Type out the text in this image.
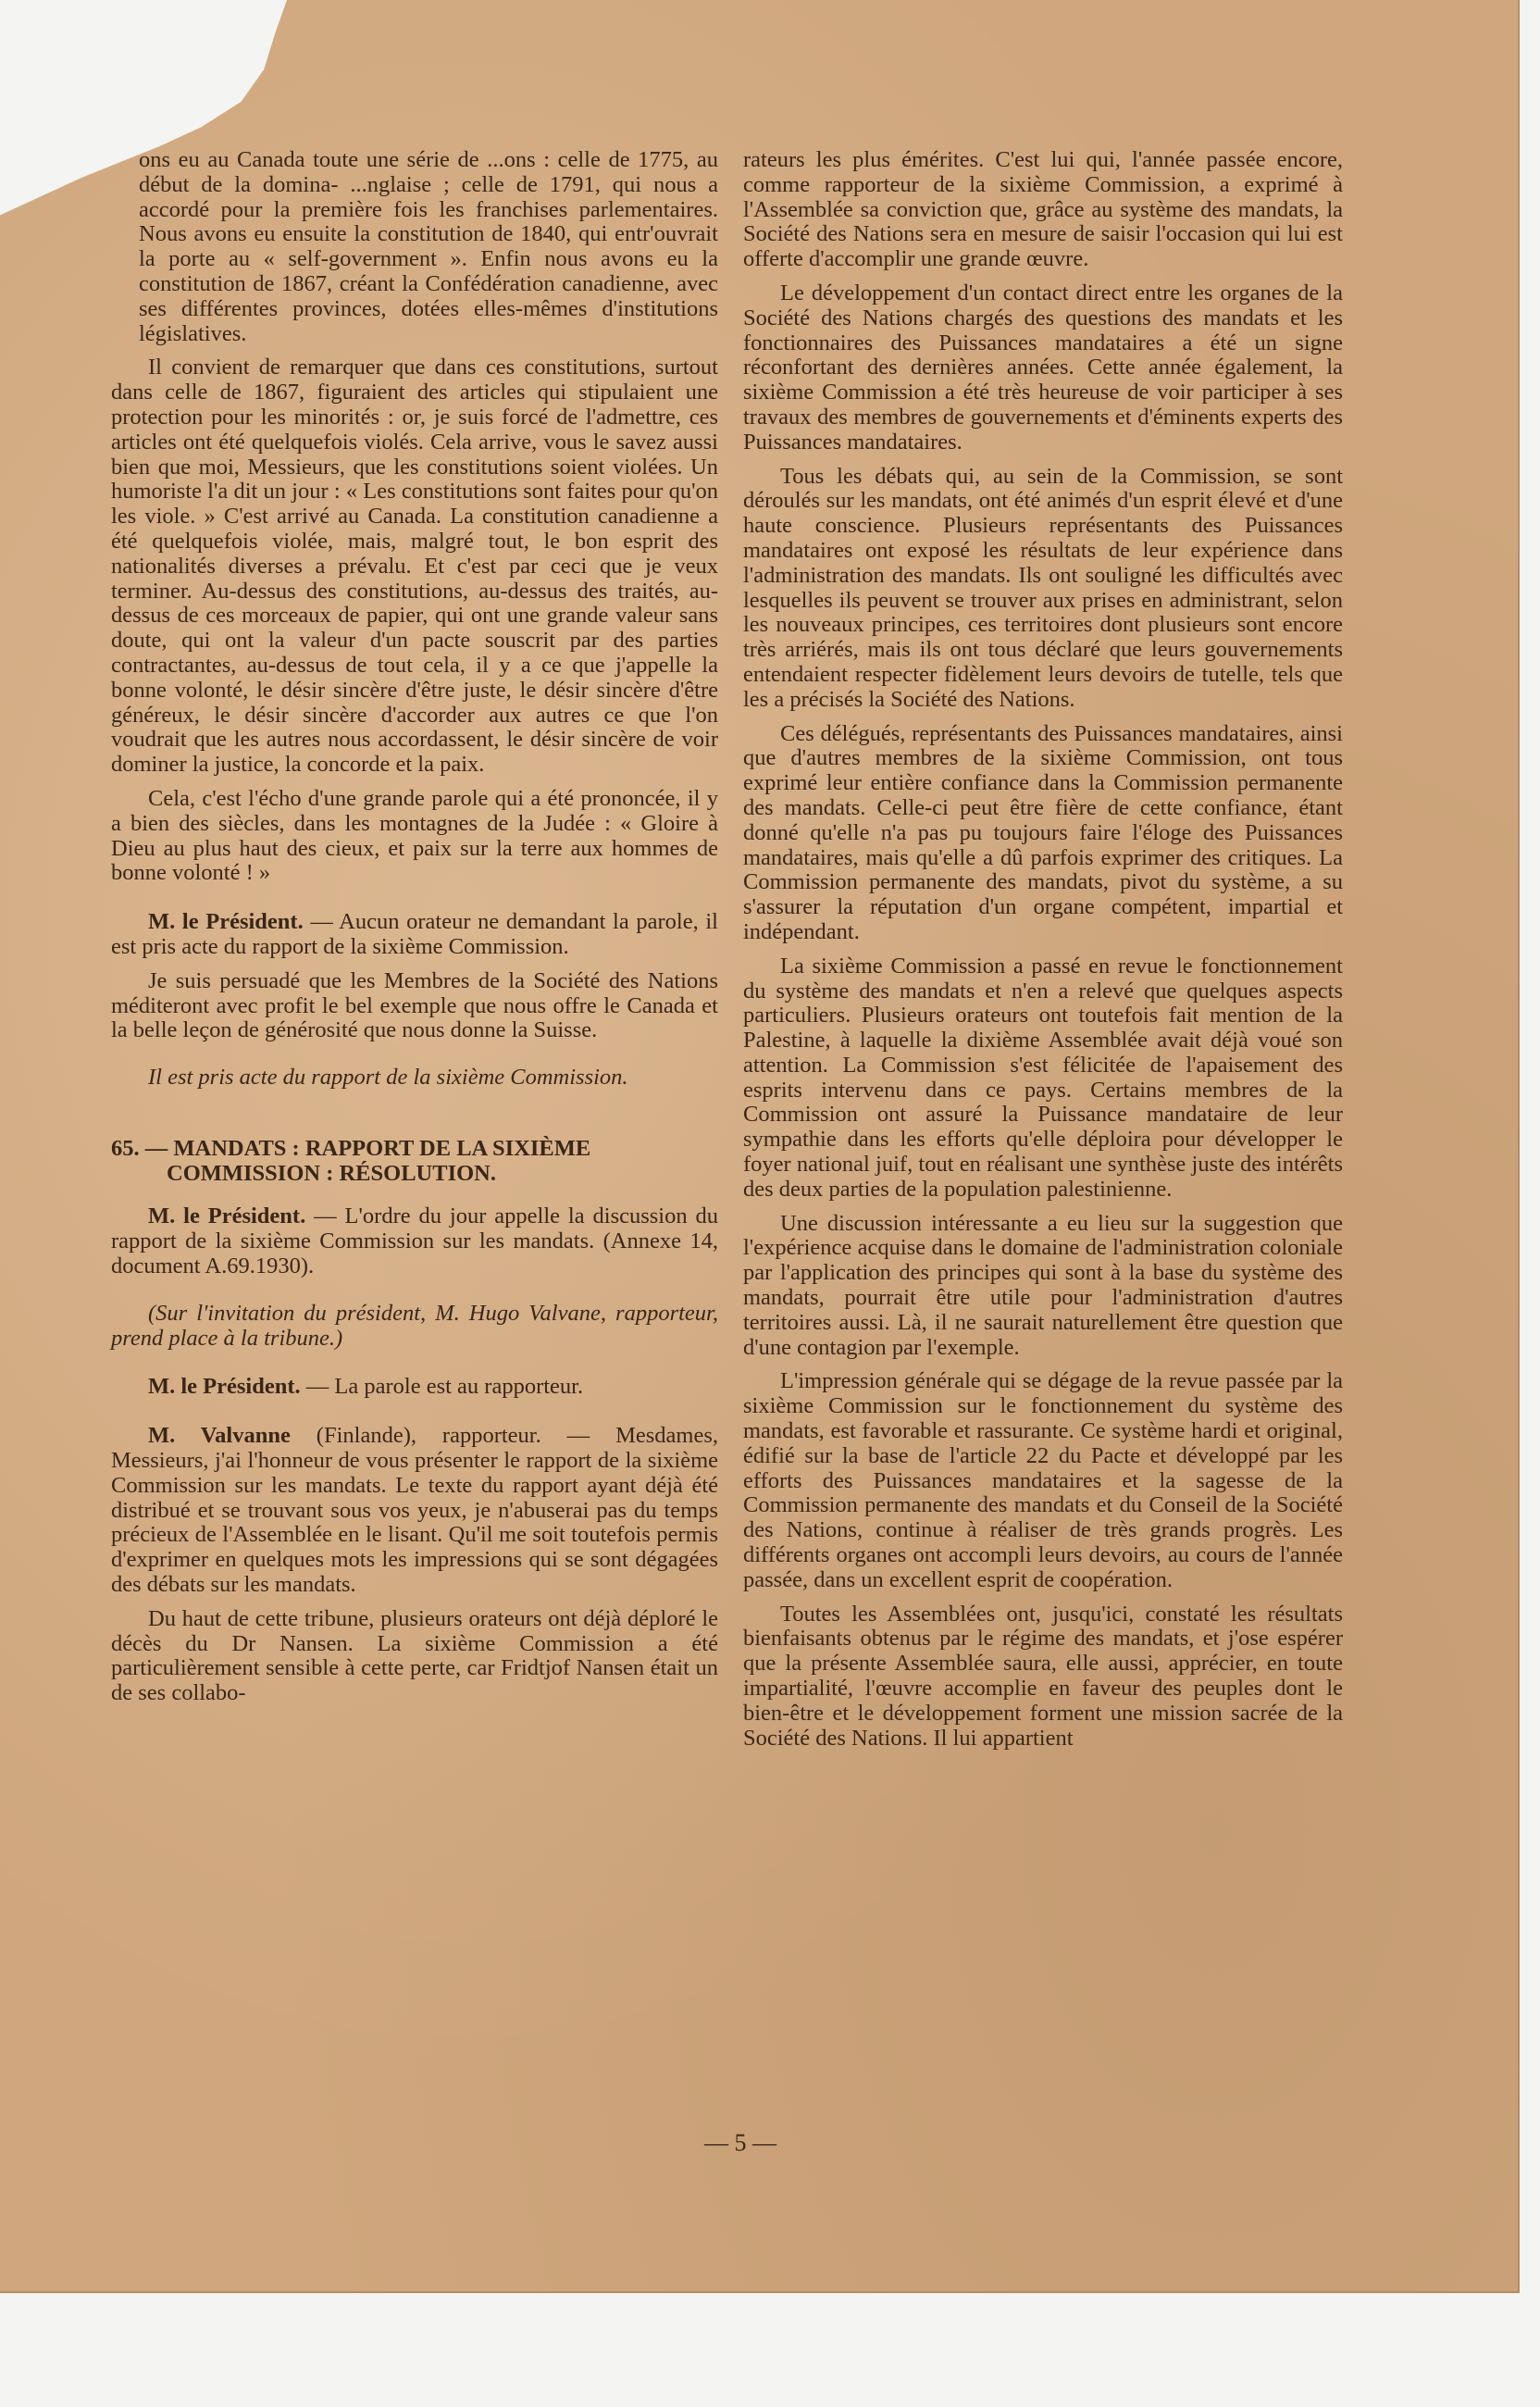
ons eu au Canada toute une série de ...ons : celle de 1775, au début de la domina- ...nglaise ; celle de 1791, qui nous a accordé pour la première fois les franchises parlementaires. Nous avons eu ensuite la constitution de 1840, qui entr'ouvrait la porte au « self-government ». Enfin nous avons eu la constitution de 1867, créant la Confédération canadienne, avec ses différentes provinces, dotées elles-mêmes d'institutions législatives.

Il convient de remarquer que dans ces constitutions, surtout dans celle de 1867, figuraient des articles qui stipulaient une protection pour les minorités : or, je suis forcé de l'admettre, ces articles ont été quelquefois violés. Cela arrive, vous le savez aussi bien que moi, Messieurs, que les constitutions soient violées. Un humoriste l'a dit un jour : « Les constitutions sont faites pour qu'on les viole. » C'est arrivé au Canada. La constitution canadienne a été quelquefois violée, mais, malgré tout, le bon esprit des nationalités diverses a prévalu. Et c'est par ceci que je veux terminer. Au-dessus des constitutions, au-dessus des traités, au-dessus de ces morceaux de papier, qui ont une grande valeur sans doute, qui ont la valeur d'un pacte souscrit par des parties contractantes, au-dessus de tout cela, il y a ce que j'appelle la bonne volonté, le désir sincère d'être juste, le désir sincère d'être généreux, le désir sincère d'accorder aux autres ce que l'on voudrait que les autres nous accordassent, le désir sincère de voir dominer la justice, la concorde et la paix.

Cela, c'est l'écho d'une grande parole qui a été prononcée, il y a bien des siècles, dans les montagnes de la Judée : « Gloire à Dieu au plus haut des cieux, et paix sur la terre aux hommes de bonne volonté ! »

M. le Président. — Aucun orateur ne demandant la parole, il est pris acte du rapport de la sixième Commission.

Je suis persuadé que les Membres de la Société des Nations méditeront avec profit le bel exemple que nous offre le Canada et la belle leçon de générosité que nous donne la Suisse.

Il est pris acte du rapport de la sixième Commission.

65. — MANDATS : RAPPORT DE LA SIXIÈME
COMMISSION : RÉSOLUTION.

M. le Président. — L'ordre du jour appelle la discussion du rapport de la sixième Commission sur les mandats. (Annexe 14, document A.69.1930).

(Sur l'invitation du président, M. Hugo Valvane, rapporteur, prend place à la tribune.)

M. le Président. — La parole est au rapporteur.

M. Valvanne (Finlande), rapporteur. — Mesdames, Messieurs, j'ai l'honneur de vous présenter le rapport de la sixième Commission sur les mandats. Le texte du rapport ayant déjà été distribué et se trouvant sous vos yeux, je n'abuserai pas du temps précieux de l'Assemblée en le lisant. Qu'il me soit toutefois permis d'exprimer en quelques mots les impressions qui se sont dégagées des débats sur les mandats.

Du haut de cette tribune, plusieurs orateurs ont déjà déploré le décès du Dr Nansen. La sixième Commission a été particulièrement sensible à cette perte, car Fridtjof Nansen était un de ses collabo-

rateurs les plus émérites. C'est lui qui, l'année passée encore, comme rapporteur de la sixième Commission, a exprimé à l'Assemblée sa conviction que, grâce au système des mandats, la Société des Nations sera en mesure de saisir l'occasion qui lui est offerte d'accomplir une grande œuvre.

Le développement d'un contact direct entre les organes de la Société des Nations chargés des questions des mandats et les fonctionnaires des Puissances mandataires a été un signe réconfortant des dernières années. Cette année également, la sixième Commission a été très heureuse de voir participer à ses travaux des membres de gouvernements et d'éminents experts des Puissances mandataires.

Tous les débats qui, au sein de la Commission, se sont déroulés sur les mandats, ont été animés d'un esprit élevé et d'une haute conscience. Plusieurs représentants des Puissances mandataires ont exposé les résultats de leur expérience dans l'administration des mandats. Ils ont souligné les difficultés avec lesquelles ils peuvent se trouver aux prises en administrant, selon les nouveaux principes, ces territoires dont plusieurs sont encore très arriérés, mais ils ont tous déclaré que leurs gouvernements entendaient respecter fidèlement leurs devoirs de tutelle, tels que les a précisés la Société des Nations.

Ces délégués, représentants des Puissances mandataires, ainsi que d'autres membres de la sixième Commission, ont tous exprimé leur entière confiance dans la Commission permanente des mandats. Celle-ci peut être fière de cette confiance, étant donné qu'elle n'a pas pu toujours faire l'éloge des Puissances mandataires, mais qu'elle a dû parfois exprimer des critiques. La Commission permanente des mandats, pivot du système, a su s'assurer la réputation d'un organe compétent, impartial et indépendant.

La sixième Commission a passé en revue le fonctionnement du système des mandats et n'en a relevé que quelques aspects particuliers. Plusieurs orateurs ont toutefois fait mention de la Palestine, à laquelle la dixième Assemblée avait déjà voué son attention. La Commission s'est félicitée de l'apaisement des esprits intervenu dans ce pays. Certains membres de la Commission ont assuré la Puissance mandataire de leur sympathie dans les efforts qu'elle déploira pour développer le foyer national juif, tout en réalisant une synthèse juste des intérêts des deux parties de la population palestinienne.

Une discussion intéressante a eu lieu sur la suggestion que l'expérience acquise dans le domaine de l'administration coloniale par l'application des principes qui sont à la base du système des mandats, pourrait être utile pour l'administration d'autres territoires aussi. Là, il ne saurait naturellement être question que d'une contagion par l'exemple.

L'impression générale qui se dégage de la revue passée par la sixième Commission sur le fonctionnement du système des mandats, est favorable et rassurante. Ce système hardi et original, édifié sur la base de l'article 22 du Pacte et développé par les efforts des Puissances mandataires et la sagesse de la Commission permanente des mandats et du Conseil de la Société des Nations, continue à réaliser de très grands progrès. Les différents organes ont accompli leurs devoirs, au cours de l'année passée, dans un excellent esprit de coopération.

Toutes les Assemblées ont, jusqu'ici, constaté les résultats bienfaisants obtenus par le régime des mandats, et j'ose espérer que la présente Assemblée saura, elle aussi, apprécier, en toute impartialité, l'œuvre accomplie en faveur des peuples dont le bien-être et le développement forment une mission sacrée de la Société des Nations. Il lui appartient

— 5 —
